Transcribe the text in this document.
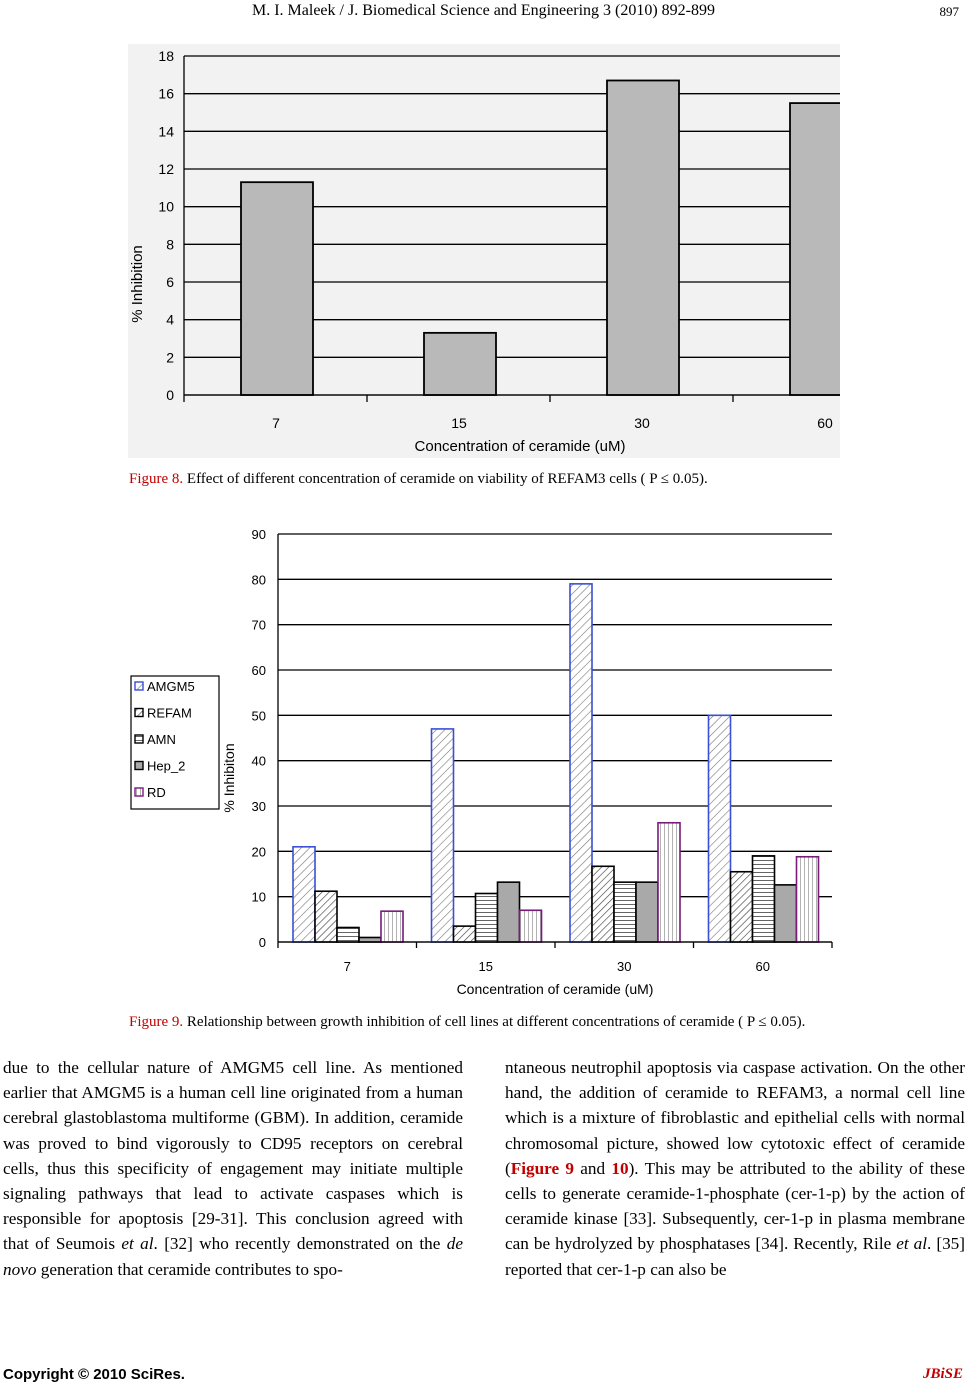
M. I. Maleek / J. Biomedical Science and Engineering 3 (2010) 892-899	897
0
2
4
6
8
10
12
14
16
18
7	15	30	60
% Inhibition
Concentration of ceramide (uM)
Figure 8. Effect of different concentration of ceramide on viability of REFAM3 cells ( P ≤ 0.05).
0
10
20
30
40
50
60
70
80
90
7	15	30	60
AMGM5
REFAM
AMN
Hep_2
RD	% Inhibiton
Concentration of ceramide (uM)
Figure 9. Relationship between growth inhibition of cell lines at different concentrations of ceramide ( P ≤ 0.05).

due to the cellular nature of AMGM5 cell line. As mentioned earlier that AMGM5 is a human cell line originated from a human cerebral glastoblastoma multiforme (GBM). In addition, ceramide was proved to bind vigorously to CD95 receptors on cerebral cells, thus this specificity of engagement may initiate multiple signaling pathways that lead to activate caspases which is responsible for apoptosis [29-31]. This conclusion agreed with that of Seumois et al. [32] who recently demonstrated on the de novo generation that ceramide contributes to spo-

ntaneous neutrophil apoptosis via caspase activation. On the other hand, the addition of ceramide to REFAM3, a normal cell line which is a mixture of fibroblastic and epithelial cells with normal chromosomal picture, showed low cytotoxic effect of ceramide (Figure 9 and 10). This may be attributed to the ability of these cells to generate ceramide-1-phosphate (cer-1-p) by the action of ceramide kinase [33]. Subsequently, cer-1-p in plasma membrane can be hydrolyzed by phosphatases [34]. Recently, Rile et al. [35] reported that cer-1-p can also be

Copyright © 2010 SciRes.	JBiSE
